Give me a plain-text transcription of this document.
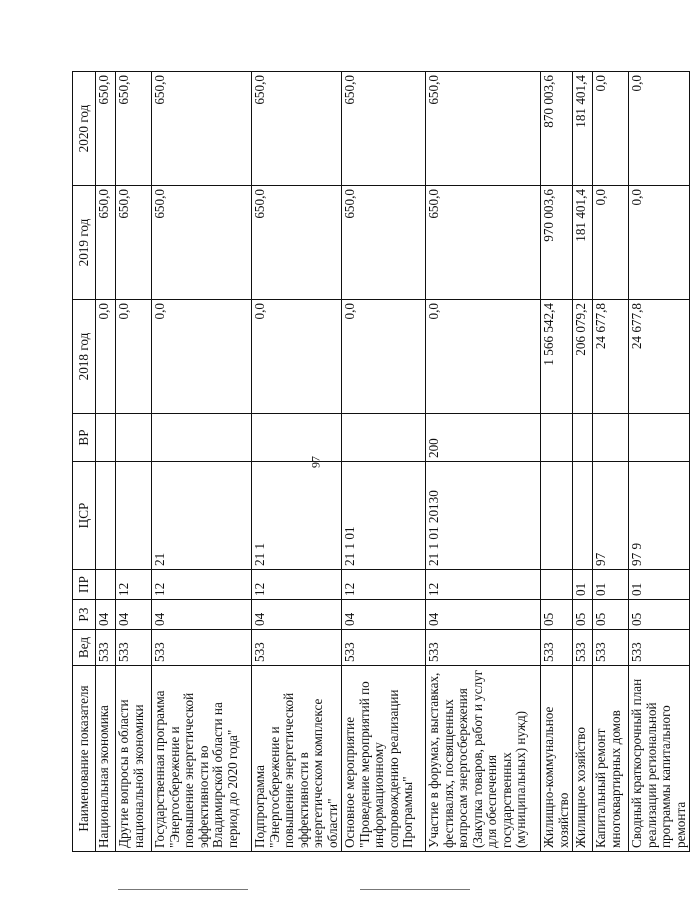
97
Наименование показателя	Вед	РЗ	ПР	ЦСР	ВР	2018 год	2019 год	2020 год
Национальная экономика	533	04				0,0	650,0	650,0
Другие вопросы в области национальной экономики	533	04	12			0,0	650,0	650,0
Государственная программа "Энергосбережение и повышение энергетической эффективности во Владимирской области на период до 2020 года"	533	04	12	21		0,0	650,0	650,0
Подпрограмма "Энергосбережение и повышение энергетической эффективности в энергетическом комплексе области"	533	04	12	21 1		0,0	650,0	650,0
Основное мероприятие "Проведение мероприятий по информационному сопровождению реализации Программы"	533	04	12	21 1 01		0,0	650,0	650,0
Участие в форумах, выставках, фестивалях, посвященных вопросам энергосбережения (Закупка товаров, работ и услуг для обеспечения государственных (муниципальных) нужд)	533	04	12	21 1 01 20130	200	0,0	650,0	650,0
Жилищно-коммунальное хозяйство	533	05				1 566 542,4	970 003,6	870 003,6
Жилищное хозяйство	533	05	01			206 079,2	181 401,4	181 401,4
Капитальный ремонт многоквартирных домов	533	05	01	97		24 677,8	0,0	0,0
Сводный краткосрочный план реализации региональной программы капитального ремонта	533	05	01	97 9		24 677,8	0,0	0,0
